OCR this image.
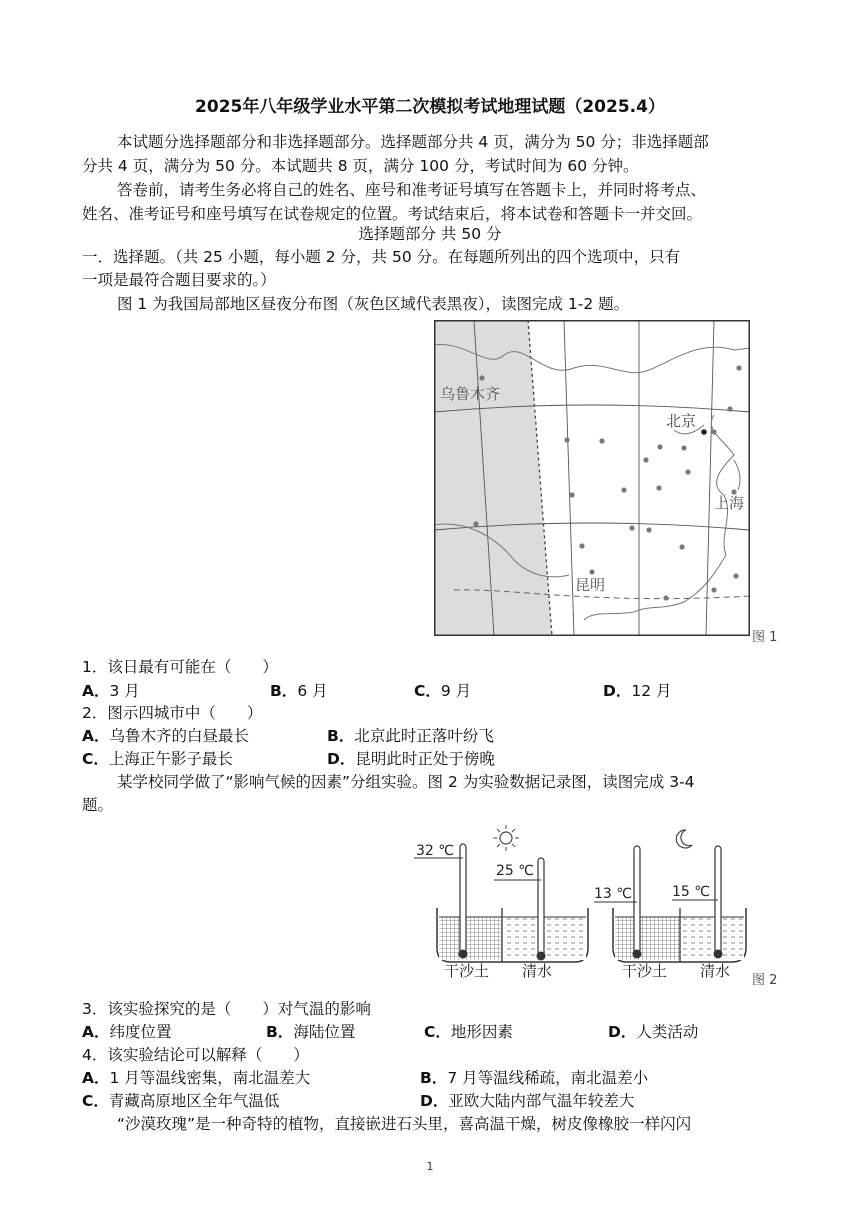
2025年八年级学业水平第二次模拟考试地理试题（2025.4）
本试题分选择题部分和非选择题部分。选择题部分共 4 页，满分为 50 分；非选择题部
分共 4 页，满分为 50 分。本试题共 8 页，满分 100 分，考试时间为 60 分钟。
答卷前，请考生务必将自己的姓名、座号和准考证号填写在答题卡上，并同时将考点、
姓名、准考证号和座号填写在试卷规定的位置。考试结束后，将本试卷和答题卡一并交回。
选择题部分 共 50 分
一．选择题。（共 25 小题，每小题 2 分，共 50 分。在每题所列出的四个选项中，只有
一项是最符合题目要求的。）
图 1 为我国局部地区昼夜分布图（灰色区域代表黑夜），读图完成 1-2 题。
乌鲁木齐
北京
上海
昆明
图 1
1．该日最有可能在（　　）
A．3 月	B．6 月	C．9 月	D．12 月
2．图示四城市中（　　）
A．乌鲁木齐的白昼最长	B．北京此时正落叶纷飞
C．上海正午影子最长	D．昆明此时正处于傍晚
某学校同学做了“影响气候的因素”分组实验。图 2 为实验数据记录图，读图完成 3-4
题。
32 ℃
25 ℃
干沙土 清水
13 ℃	15 ℃
干沙土 清水
图 2
3．该实验探究的是（　　）对气温的影响
A．纬度位置	B．海陆位置	C．地形因素	D．人类活动
4．该实验结论可以解释（　　）
A．1 月等温线密集，南北温差大	B．7 月等温线稀疏，南北温差小
C．青藏高原地区全年气温低	D．亚欧大陆内部气温年较差大
“沙漠玫瑰”是一种奇特的植物，直接嵌进石头里，喜高温干燥，树皮像橡胶一样闪闪
1
